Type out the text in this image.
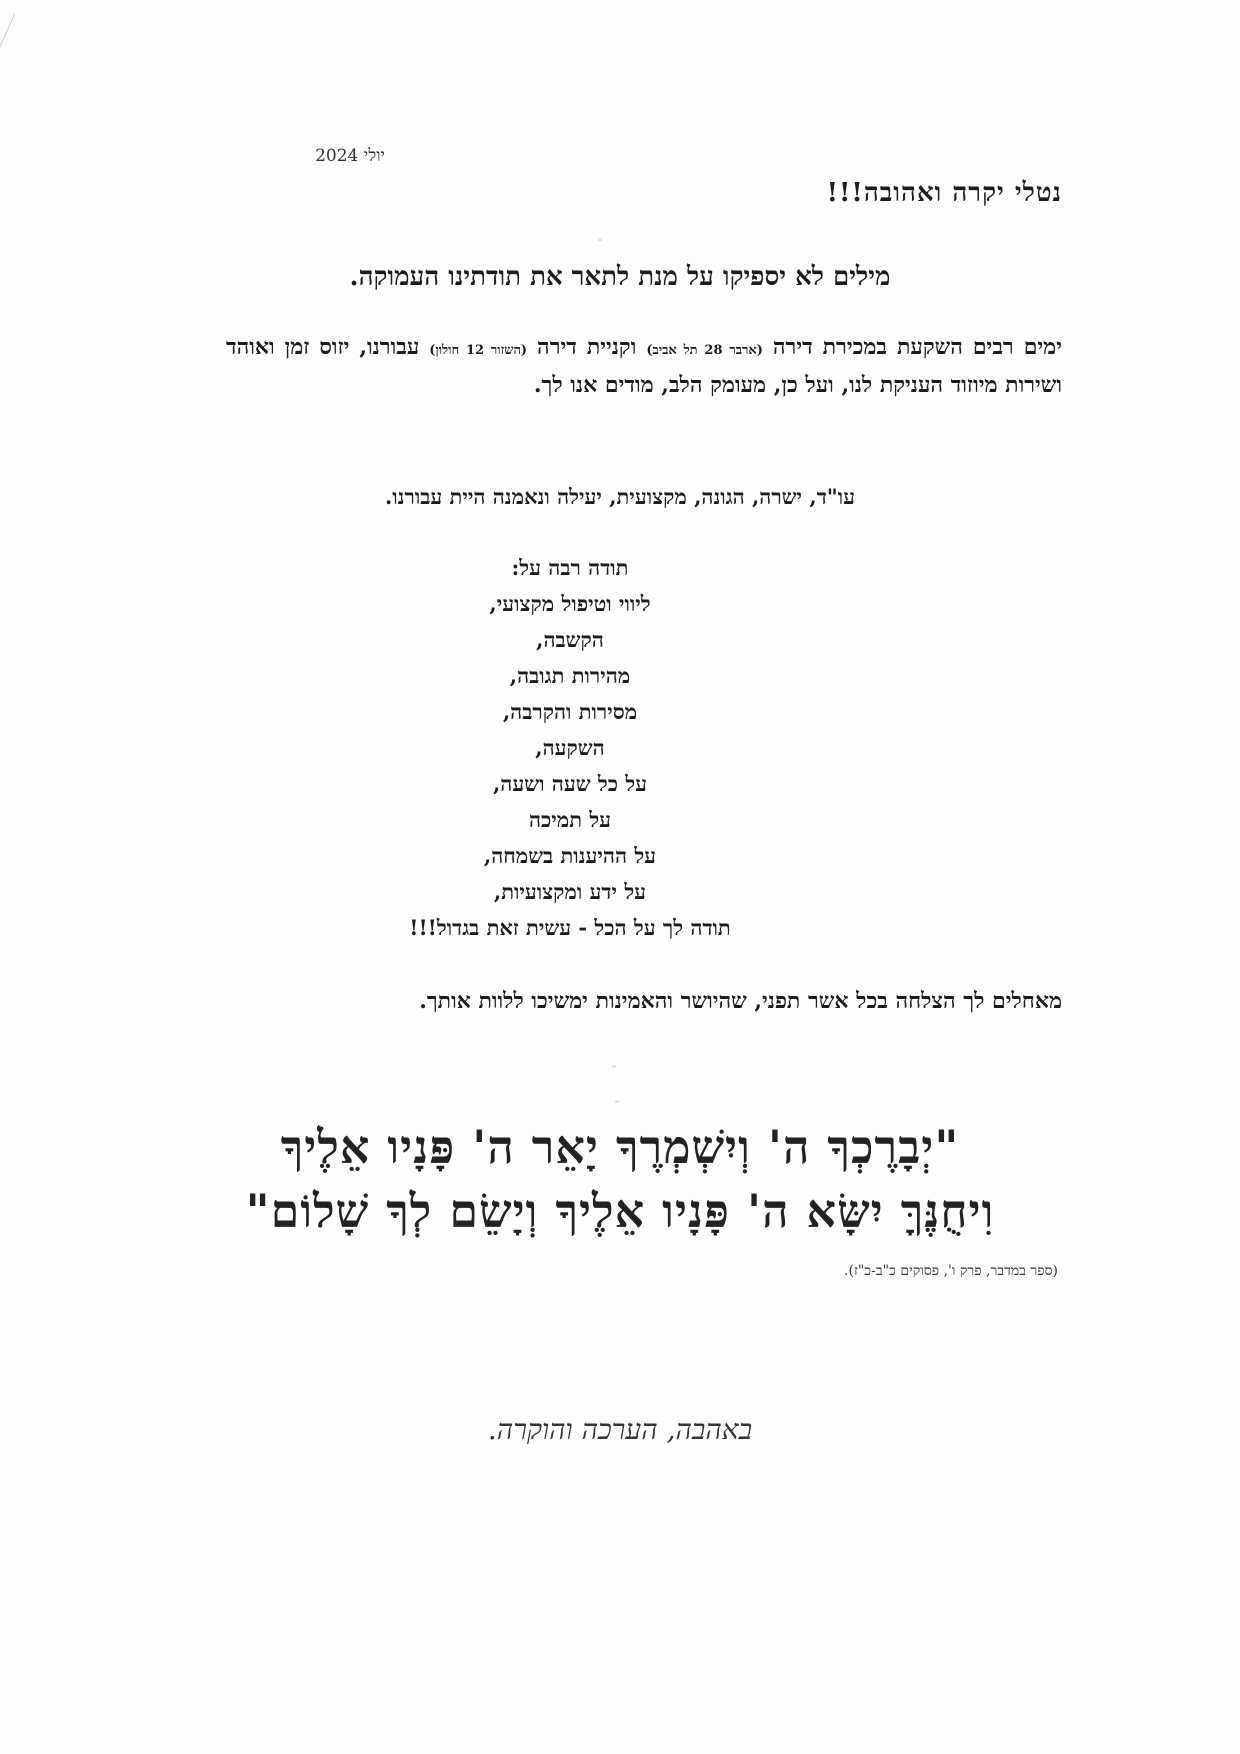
יולי 2024
נטלי יקרה ואהובה!!!
מילים לא יספיקו על מנת לתאר את תודתינו העמוקה.
ימים רבים השקעת במכירת דירה (ארבר 28 תל אביב) וקניית דירה (השזור 12 חולון) עבורנו, יזוס זמן ואוהד ושירות מיוזוד העניקת לנו, ועל כן, מעומק הלב, מודים אנו לך.
עו"ד, ישרה, הגונה, מקצועית, יעילה ונאמנה היית עבורנו.
תודה רבה על:
ליווי וטיפול מקצועי,
הקשבה,
מהירות תגובה,
מסירות והקרבה,
השקעה,
על כל שעה ושעה,
על תמיכה
על ההיענות בשמחה,
על ידע ומקצועיות,
תודה לך על הכל - עשית זאת בגדול!!!
מאחלים לך הצלחה בכל אשר תפני, שהיושר והאמינות ימשיכו ללוות אותך.
"יְבָרֶכְךָ ה' וְיִשְׁמְרֶךָ יָאֵר ה' פָּנָיו אֵלֶיךָ
וִיחֻנֶּךָּ יִשָּׂא ה' פָּנָיו אֵלֶיךָ וְיָשֵׂם לְךָ שָׁלוֹם"
(ספר במדבר, פרק ו', פסוקים כ"ב-כ"ז).
באהבה, הערכה והוקרה.
